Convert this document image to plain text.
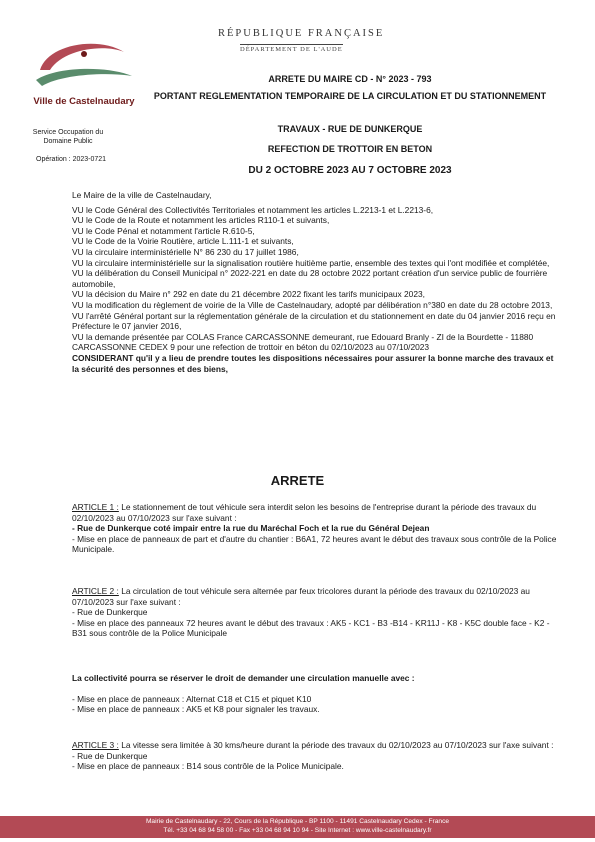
RÉPUBLIQUE FRANÇAISE
DÉPARTEMENT DE L'AUDE
Ville de Castelnaudary
Service Occupation du Domaine Public
Opération : 2023-0721
ARRETE DU MAIRE CD - N° 2023 - 793
PORTANT REGLEMENTATION TEMPORAIRE DE LA CIRCULATION ET DU STATIONNEMENT
TRAVAUX - RUE DE DUNKERQUE
REFECTION DE TROTTOIR EN BETON
DU 2 OCTOBRE 2023 AU 7 OCTOBRE 2023

Le Maire de la ville de Castelnaudary,

VU le Code Général des Collectivités Territoriales et notamment les articles L.2213-1 et L.2213-6,

VU le Code de la Route et notamment les articles R110-1 et suivants,

VU le Code Pénal et notamment l'article R.610-5,

VU le Code de la Voirie Routière, article L.111-1 et suivants,

VU la circulaire interministérielle N° 86 230 du 17 juillet 1986,

VU la circulaire interministérielle sur la signalisation routière huitième partie, ensemble des textes qui l'ont modifiée et complétée,

VU la délibération du Conseil Municipal n° 2022-221 en date du 28 octobre 2022 portant création d'un service public de fourrière automobile,

VU la décision du Maire n° 292 en date du 21 décembre 2022 fixant les tarifs municipaux 2023,

VU la modification du règlement de voirie de la Ville de Castelnaudary, adopté par délibération n°380 en date du 28 octobre 2013,

VU l'arrêté Général portant sur la réglementation générale de la circulation et du stationnement en date du 04 janvier 2016 reçu en Préfecture le 07 janvier 2016,

VU la demande présentée par COLAS France CARCASSONNE demeurant, rue Edouard Branly - ZI de la Bourdette - 11880 CARCASSONNE CEDEX 9 pour une refection de trottoir en béton du 02/10/2023 au 07/10/2023

CONSIDERANT qu'il y a lieu de prendre toutes les dispositions nécessaires pour assurer la bonne marche des travaux et la sécurité des personnes et des biens,

ARRETE

ARTICLE 1 : Le stationnement de tout véhicule sera interdit selon les besoins de l'entreprise durant la période des travaux du 02/10/2023 au 07/10/2023 sur l'axe suivant :

- Rue de Dunkerque coté impair entre la rue du Maréchal Foch et la rue du Général Dejean

- Mise en place de panneaux de part et d'autre du chantier : B6A1, 72 heures avant le début des travaux sous contrôle de la Police Municipale.

ARTICLE 2 : La circulation de tout véhicule sera alternée par feux tricolores durant la période des travaux du 02/10/2023 au 07/10/2023 sur l'axe suivant :

- Rue de Dunkerque

- Mise en place des panneaux 72 heures avant le début des travaux : AK5 - KC1 - B3 -B14 - KR11J - K8 - K5C double face - K2 - B31 sous contrôle de la Police Municipale

La collectivité pourra se réserver le droit de demander une circulation manuelle avec :

- Mise en place de panneaux : Alternat C18 et C15 et piquet K10

- Mise en place de panneaux : AK5 et K8 pour signaler les travaux.

ARTICLE 3 : La vitesse sera limitée à 30 kms/heure durant la période des travaux du 02/10/2023 au 07/10/2023 sur l'axe suivant :

- Rue de Dunkerque

- Mise en place de panneaux : B14 sous contrôle de la Police Municipale.

Mairie de Castelnaudary - 22, Cours de la République - BP 1100 - 11491 Castelnaudary Cedex - France
Tél. +33 04 68 94 58 00 - Fax +33 04 68 94 10 94 - Site Internet : www.ville-castelnaudary.fr
